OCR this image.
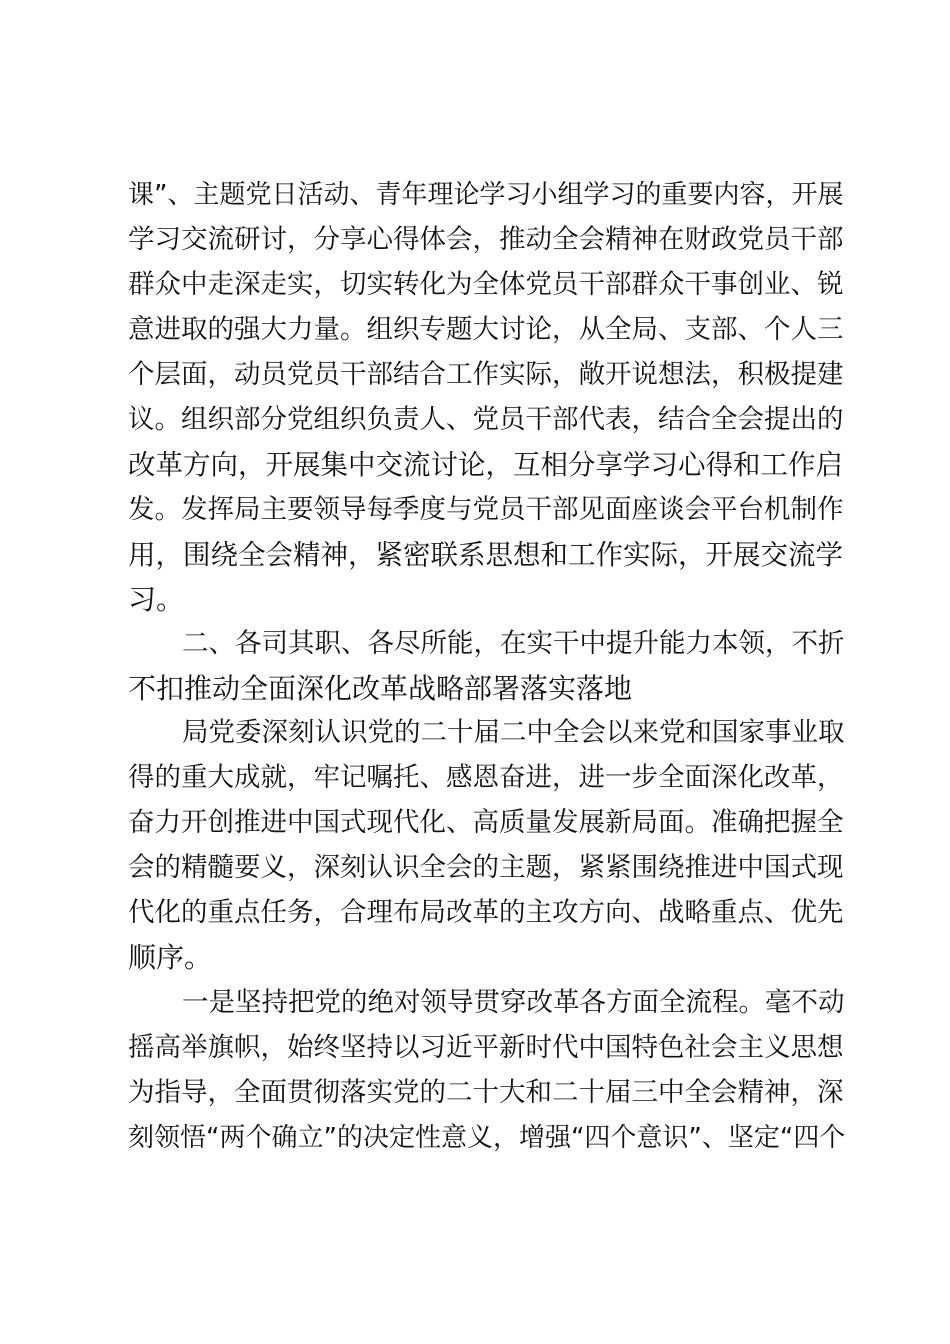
课”、主题党日活动、青年理论学习小组学习的重要内容，开展
学习交流研讨，分享心得体会，推动全会精神在财政党员干部
群众中走深走实，切实转化为全体党员干部群众干事创业、锐
意进取的强大力量。组织专题大讨论，从全局、支部、个人三
个层面，动员党员干部结合工作实际，敞开说想法，积极提建
议。组织部分党组织负责人、党员干部代表，结合全会提出的
改革方向，开展集中交流讨论，互相分享学习心得和工作启
发。发挥局主要领导每季度与党员干部见面座谈会平台机制作
用，围绕全会精神，紧密联系思想和工作实际，开展交流学
习。
二、各司其职、各尽所能，在实干中提升能力本领，不折
不扣推动全面深化改革战略部署落实落地
局党委深刻认识党的二十届二中全会以来党和国家事业取
得的重大成就，牢记嘱托、感恩奋进，进一步全面深化改革，
奋力开创推进中国式现代化、高质量发展新局面。准确把握全
会的精髓要义，深刻认识全会的主题，紧紧围绕推进中国式现
代化的重点任务，合理布局改革的主攻方向、战略重点、优先
顺序。
一是坚持把党的绝对领导贯穿改革各方面全流程。毫不动
摇高举旗帜，始终坚持以习近平新时代中国特色社会主义思想
为指导，全面贯彻落实党的二十大和二十届三中全会精神，深
刻领悟“两个确立”的决定性意义，增强“四个意识”、坚定“四个
